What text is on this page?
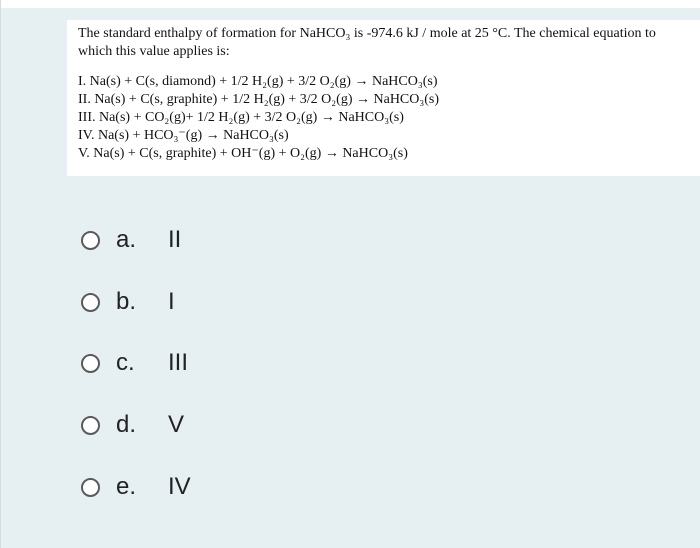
The standard enthalpy of formation for NaHCO₃ is -974.6 kJ / mole at 25 °C. The chemical equation to
which this value applies is:
I. Na(s) + C(s, diamond) + 1/2 H₂(g) + 3/2 O₂(g) → NaHCO₃(s)
II. Na(s) + C(s, graphite) + 1/2 H₂(g) + 3/2 O₂(g) → NaHCO₃(s)
III. Na(s) + CO₂(g)+ 1/2 H₂(g) + 3/2 O₂(g) → NaHCO₃(s)
IV. Na(s) + HCO₃⁻(g) → NaHCO₃(s)
V. Na(s) + C(s, graphite) + OH⁻(g) + O₂(g) → NaHCO₃(s)
a.	II
b.	I
c.	III
d.	V
e.	IV
